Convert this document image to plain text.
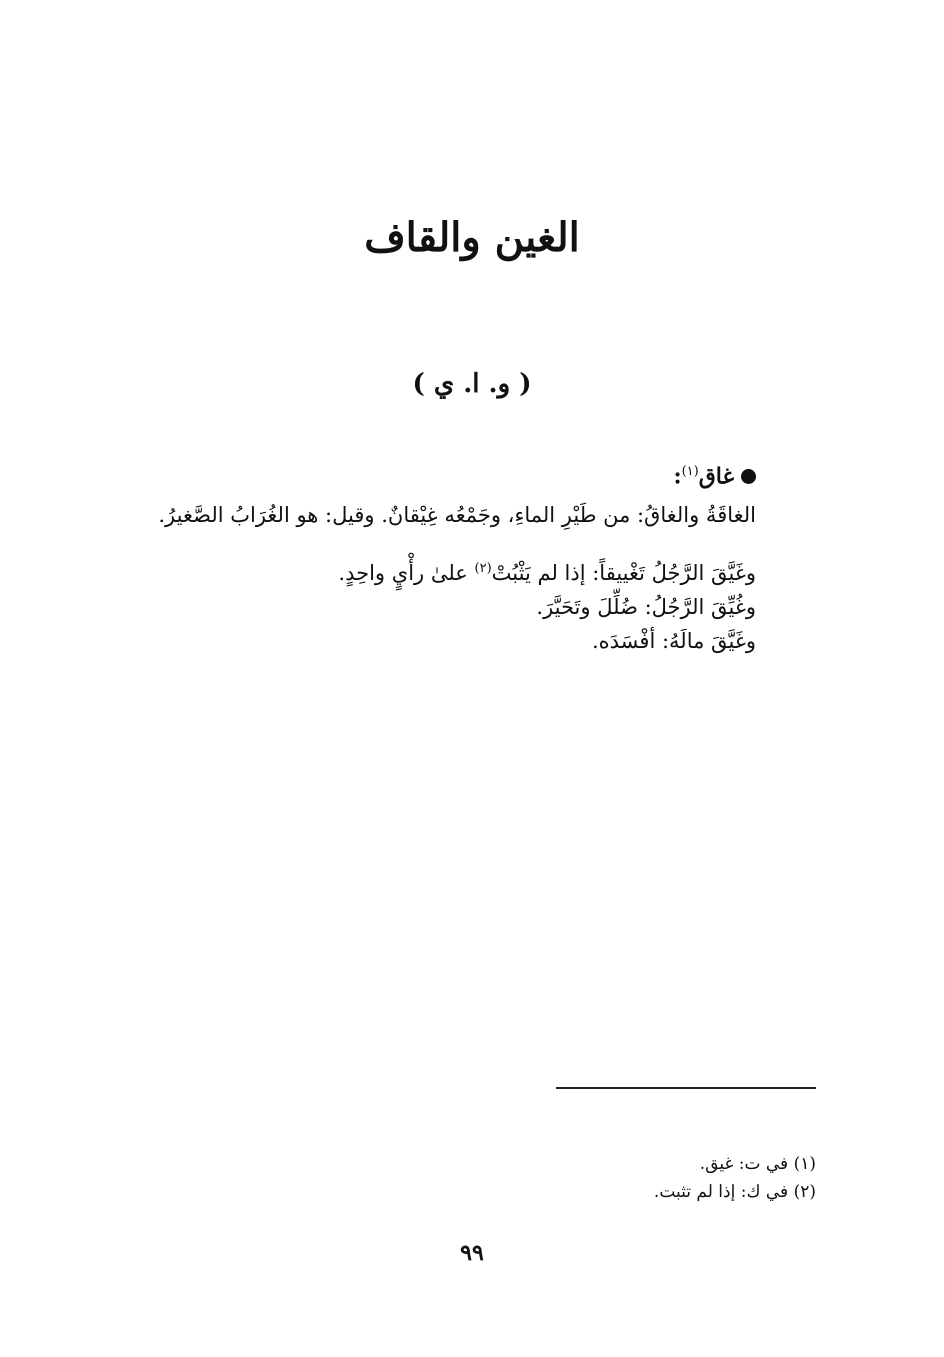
الغين والقاف
( و. ا. ي )

غاق$^{(١)}$:

الغاقَةُ والغاقُ: من طَيْرِ الماءِ، وجَمْعُه غِيْقانٌ. وقيل: هو الغُرَابُ الصَّغيرُ.

وغَيَّقَ الرَّجُلُ تَغْييقاً: إذا لم يَثْبُتْ$^{(٢)}$ علىٰ رأْيٍ واحِدٍ.

وغُيِّقَ الرَّجُلُ: ضُلِّلَ وتَحَيَّرَ.

وغَيَّقَ مالَهُ: أفْسَدَه.

(١) في ت: غيق.

(٢) في ك: إذا لم تثبت.

٩٩
